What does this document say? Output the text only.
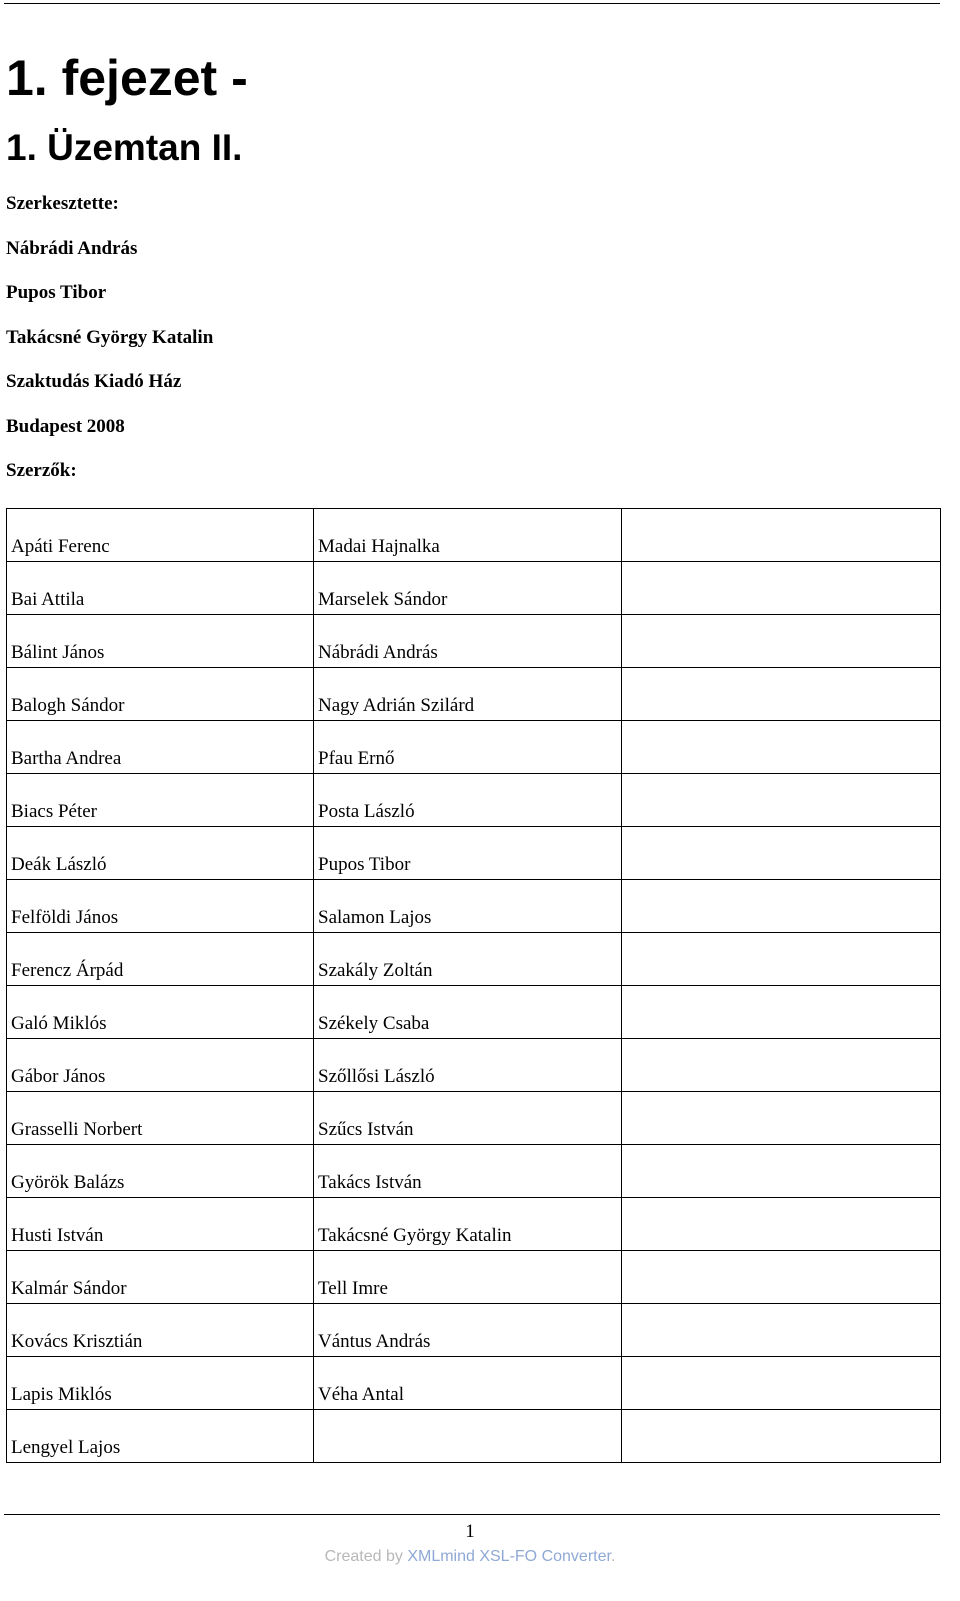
1. fejezet -
1. Üzemtan II.

Szerkesztette:

Nábrádi András

Pupos Tibor

Takácsné György Katalin

Szaktudás Kiadó Ház

Budapest 2008

Szerzők:

Apáti Ferenc	Madai Hajnalka	

Bai Attila	Marselek Sándor	

Bálint János	Nábrádi András	

Balogh Sándor	Nagy Adrián Szilárd	

Bartha Andrea	Pfau Ernő	

Biacs Péter	Posta László	

Deák László	Pupos Tibor	

Felföldi János	Salamon Lajos	

Ferencz Árpád	Szakály Zoltán	

Galó Miklós	Székely Csaba	

Gábor János	Szőllősi László	

Grasselli Norbert	Szűcs István	

Györök Balázs	Takács István	

Husti István	Takácsné György Katalin	

Kalmár Sándor	Tell Imre	

Kovács Krisztián	Vántus András	

Lapis Miklós	Véha Antal	

Lengyel Lajos		

1
Created by XMLmind XSL-FO Converter.
